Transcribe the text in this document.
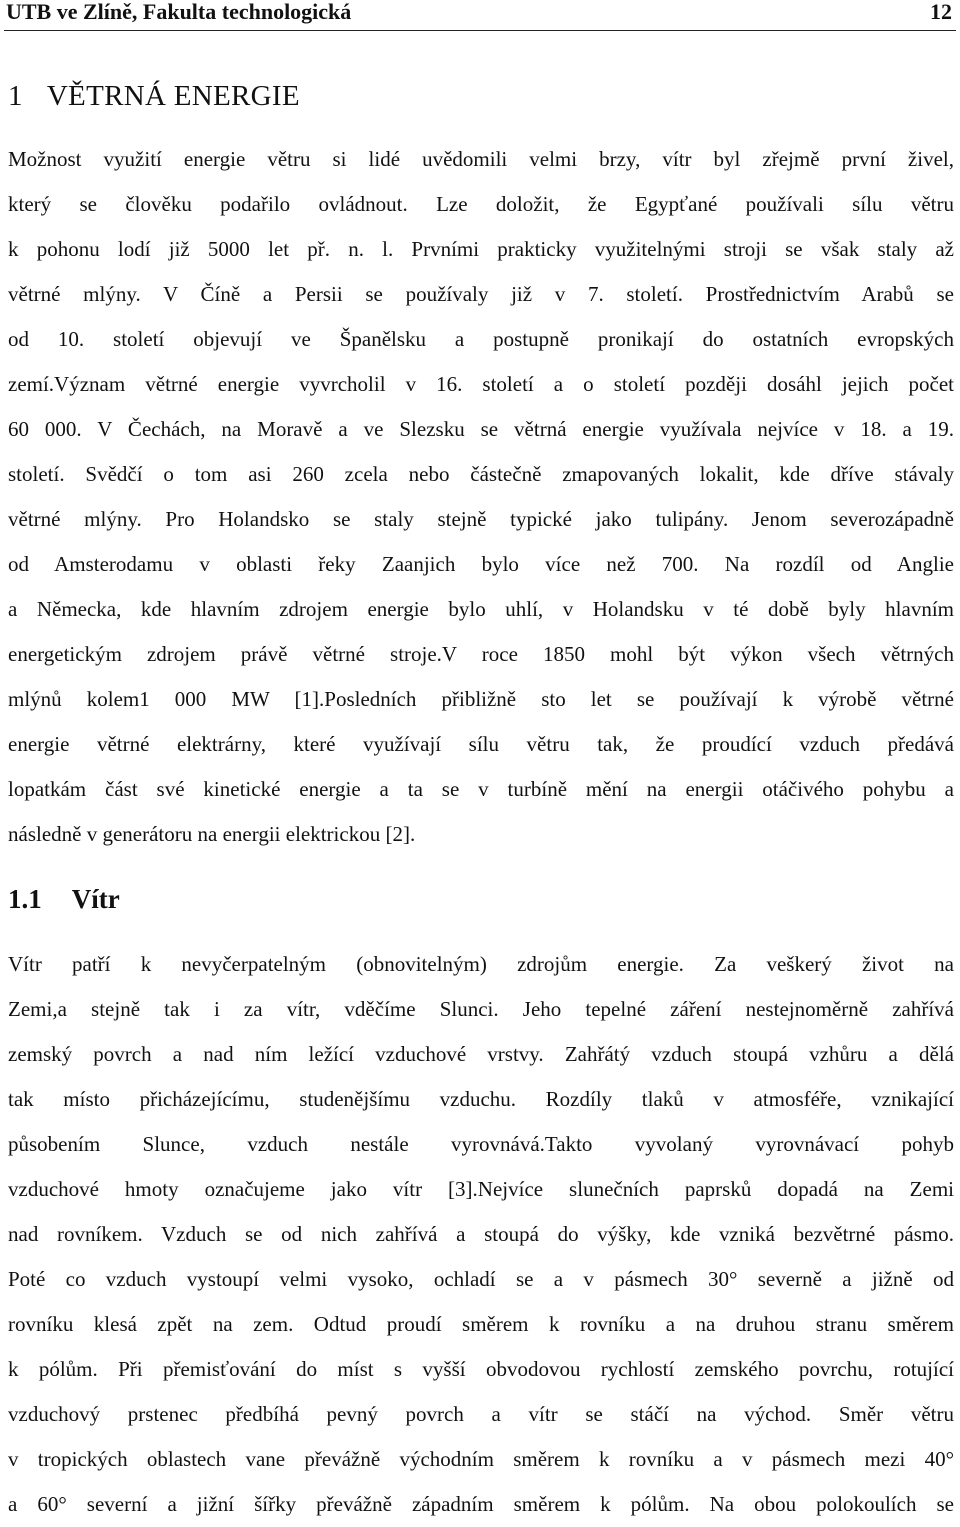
UTB ve Zlíně, Fakulta technologická	12
1 VĚTRNÁ ENERGIE

Možnost využití energie větru si lidé uvědomili velmi brzy, vítr byl zřejmě první živel,
který se člověku podařilo ovládnout. Lze doložit, že Egypťané používali sílu větru
k pohonu lodí již 5000 let př. n. l. Prvními prakticky využitelnými stroji se však staly až
větrné mlýny. V Číně a Persii se používaly již v 7. století. Prostřednictvím Arabů se
od 10. století objevují ve Španělsku a postupně pronikají do ostatních evropských
zemí.Význam větrné energie vyvrcholil v 16. století a o století později dosáhl jejich počet
60 000. V Čechách, na Moravě a ve Slezsku se větrná energie využívala nejvíce v 18. a 19.
století. Svědčí o tom asi 260 zcela nebo částečně zmapovaných lokalit, kde dříve stávaly
větrné mlýny. Pro Holandsko se staly stejně typické jako tulipány. Jenom severozápadně
od Amsterodamu v oblasti řeky Zaanjich bylo více než 700. Na rozdíl od Anglie
a Německa, kde hlavním zdrojem energie bylo uhlí, v Holandsku v té době byly hlavním
energetickým zdrojem právě větrné stroje.V roce 1850 mohl být výkon všech větrných
mlýnů kolem1 000 MW [1].Posledních přibližně sto let se používají k výrobě větrné
energie větrné elektrárny, které využívají sílu větru tak, že proudící vzduch předává
lopatkám část své kinetické energie a ta se v turbíně mění na energii otáčivého pohybu a
následně v generátoru na energii elektrickou [2].

1.1 Vítr

Vítr patří k nevyčerpatelným (obnovitelným) zdrojům energie. Za veškerý život na
Zemi,a stejně tak i za vítr, vděčíme Slunci. Jeho tepelné záření nestejnoměrně zahřívá
zemský povrch a nad ním ležící vzduchové vrstvy. Zahřátý vzduch stoupá vzhůru a dělá
tak místo přicházejícímu, studenějšímu vzduchu. Rozdíly tlaků v atmosféře, vznikající
působením Slunce, vzduch nestále vyrovnává.Takto vyvolaný vyrovnávací pohyb
vzduchové hmoty označujeme jako vítr [3].Nejvíce slunečních paprsků dopadá na Zemi
nad rovníkem. Vzduch se od nich zahřívá a stoupá do výšky, kde vzniká bezvětrné pásmo.
Poté co vzduch vystoupí velmi vysoko, ochladí se a v pásmech 30° severně a jižně od
rovníku klesá zpět na zem. Odtud proudí směrem k rovníku a na druhou stranu směrem
k pólům. Při přemisťování do míst s vyšší obvodovou rychlostí zemského povrchu, rotující
vzduchový prstenec předbíhá pevný povrch a vítr se stáčí na východ. Směr větru
v tropických oblastech vane převážně východním směrem k rovníku a v pásmech mezi 40°
a 60° severní a jižní šířky převážně západním směrem k pólům. Na obou polokoulích se
